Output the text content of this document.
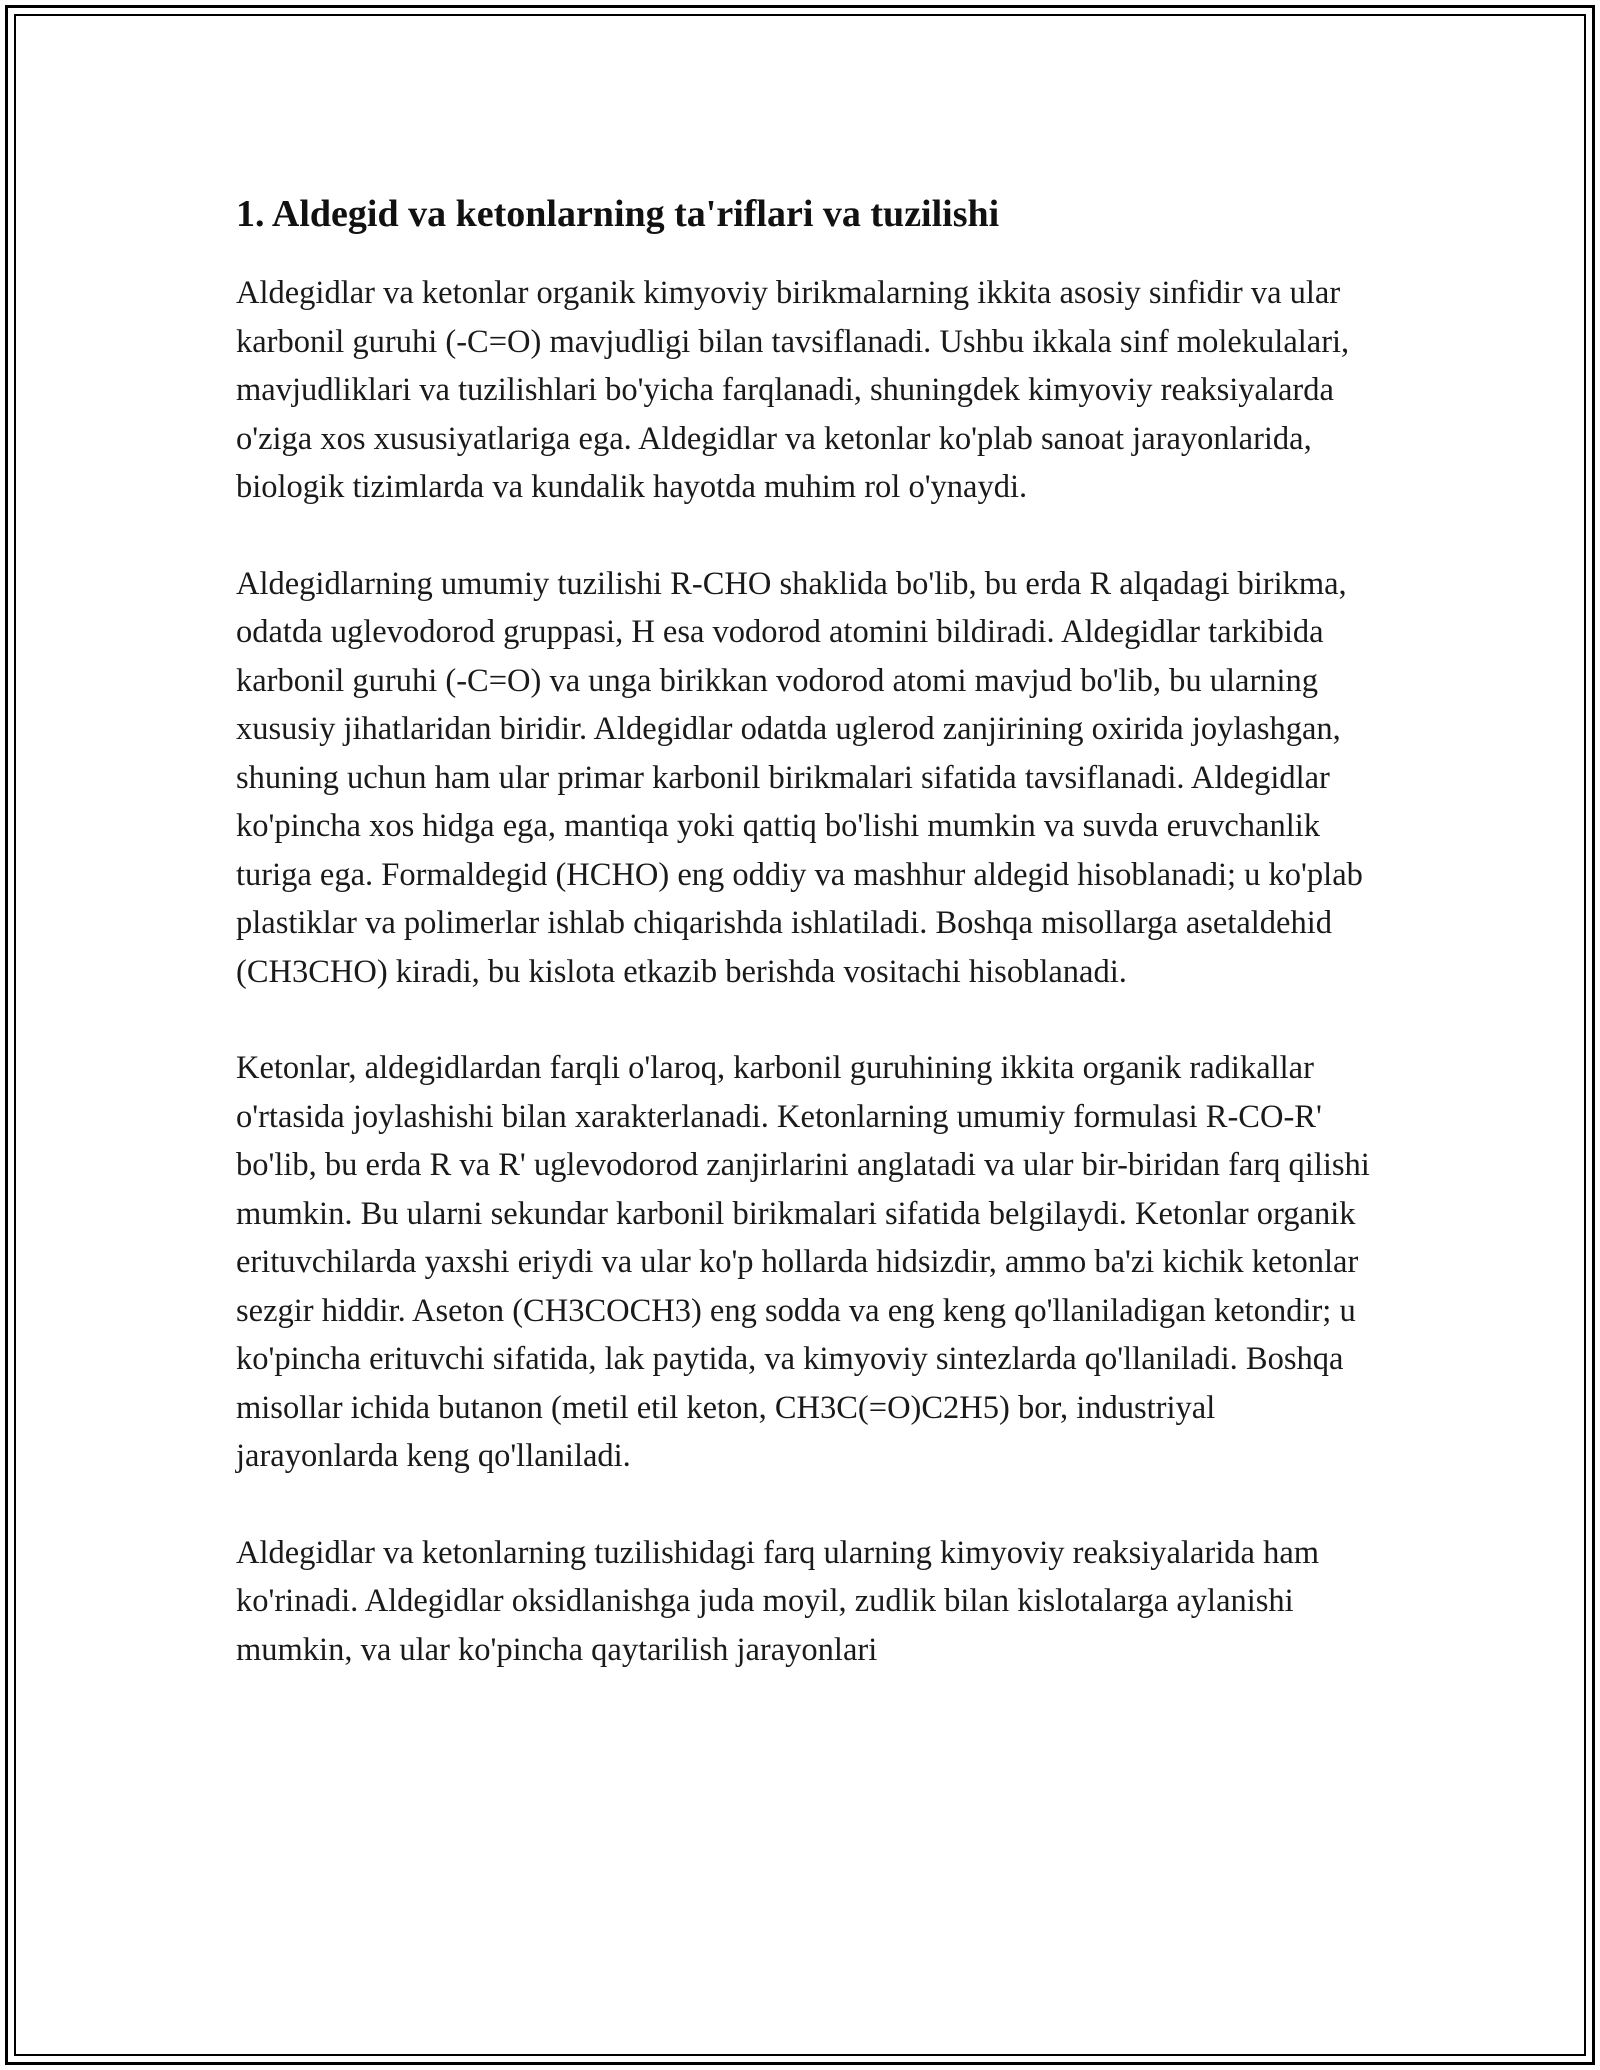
1. Aldegid va ketonlarning ta'riflari va tuzilishi

Aldegidlar va ketonlar organik kimyoviy birikmalarning ikkita asosiy sinfidir va ular karbonil guruhi (-C=O) mavjudligi bilan tavsiflanadi. Ushbu ikkala sinf molekulalari, mavjudliklari va tuzilishlari bo'yicha farqlanadi, shuningdek kimyoviy reaksiyalarda o'ziga xos xususiyatlariga ega. Aldegidlar va ketonlar ko'plab sanoat jarayonlarida, biologik tizimlarda va kundalik hayotda muhim rol o'ynaydi.

Aldegidlarning umumiy tuzilishi R-CHO shaklida bo'lib, bu erda R alqadagi birikma, odatda uglevodorod gruppasi, H esa vodorod atomini bildiradi. Aldegidlar tarkibida karbonil guruhi (-C=O) va unga birikkan vodorod atomi mavjud bo'lib, bu ularning xususiy jihatlaridan biridir. Aldegidlar odatda uglerod zanjirining oxirida joylashgan, shuning uchun ham ular primar karbonil birikmalari sifatida tavsiflanadi. Aldegidlar ko'pincha xos hidga ega, mantiqa yoki qattiq bo'lishi mumkin va suvda eruvchanlik turiga ega. Formaldegid (HCHO) eng oddiy va mashhur aldegid hisoblanadi; u ko'plab plastiklar va polimerlar ishlab chiqarishda ishlatiladi. Boshqa misollarga asetaldehid (CH3CHO) kiradi, bu kislota etkazib berishda vositachi hisoblanadi.

Ketonlar, aldegidlardan farqli o'laroq, karbonil guruhining ikkita organik radikallar o'rtasida joylashishi bilan xarakterlanadi. Ketonlarning umumiy formulasi R-CO-R' bo'lib, bu erda R va R' uglevodorod zanjirlarini anglatadi va ular bir-biridan farq qilishi mumkin. Bu ularni sekundar karbonil birikmalari sifatida belgilaydi. Ketonlar organik erituvchilarda yaxshi eriydi va ular ko'p hollarda hidsizdir, ammo ba'zi kichik ketonlar sezgir hiddir. Aseton (CH3COCH3) eng sodda va eng keng qo'llaniladigan ketondir; u ko'pincha erituvchi sifatida, lak paytida, va kimyoviy sintezlarda qo'llaniladi. Boshqa misollar ichida butanon (metil etil keton, CH3C(=O)C2H5) bor, industriyal jarayonlarda keng qo'llaniladi.

Aldegidlar va ketonlarning tuzilishidagi farq ularning kimyoviy reaksiyalarida ham ko'rinadi. Aldegidlar oksidlanishga juda moyil, zudlik bilan kislotalarga aylanishi mumkin, va ular ko'pincha qaytarilish jarayonlari
